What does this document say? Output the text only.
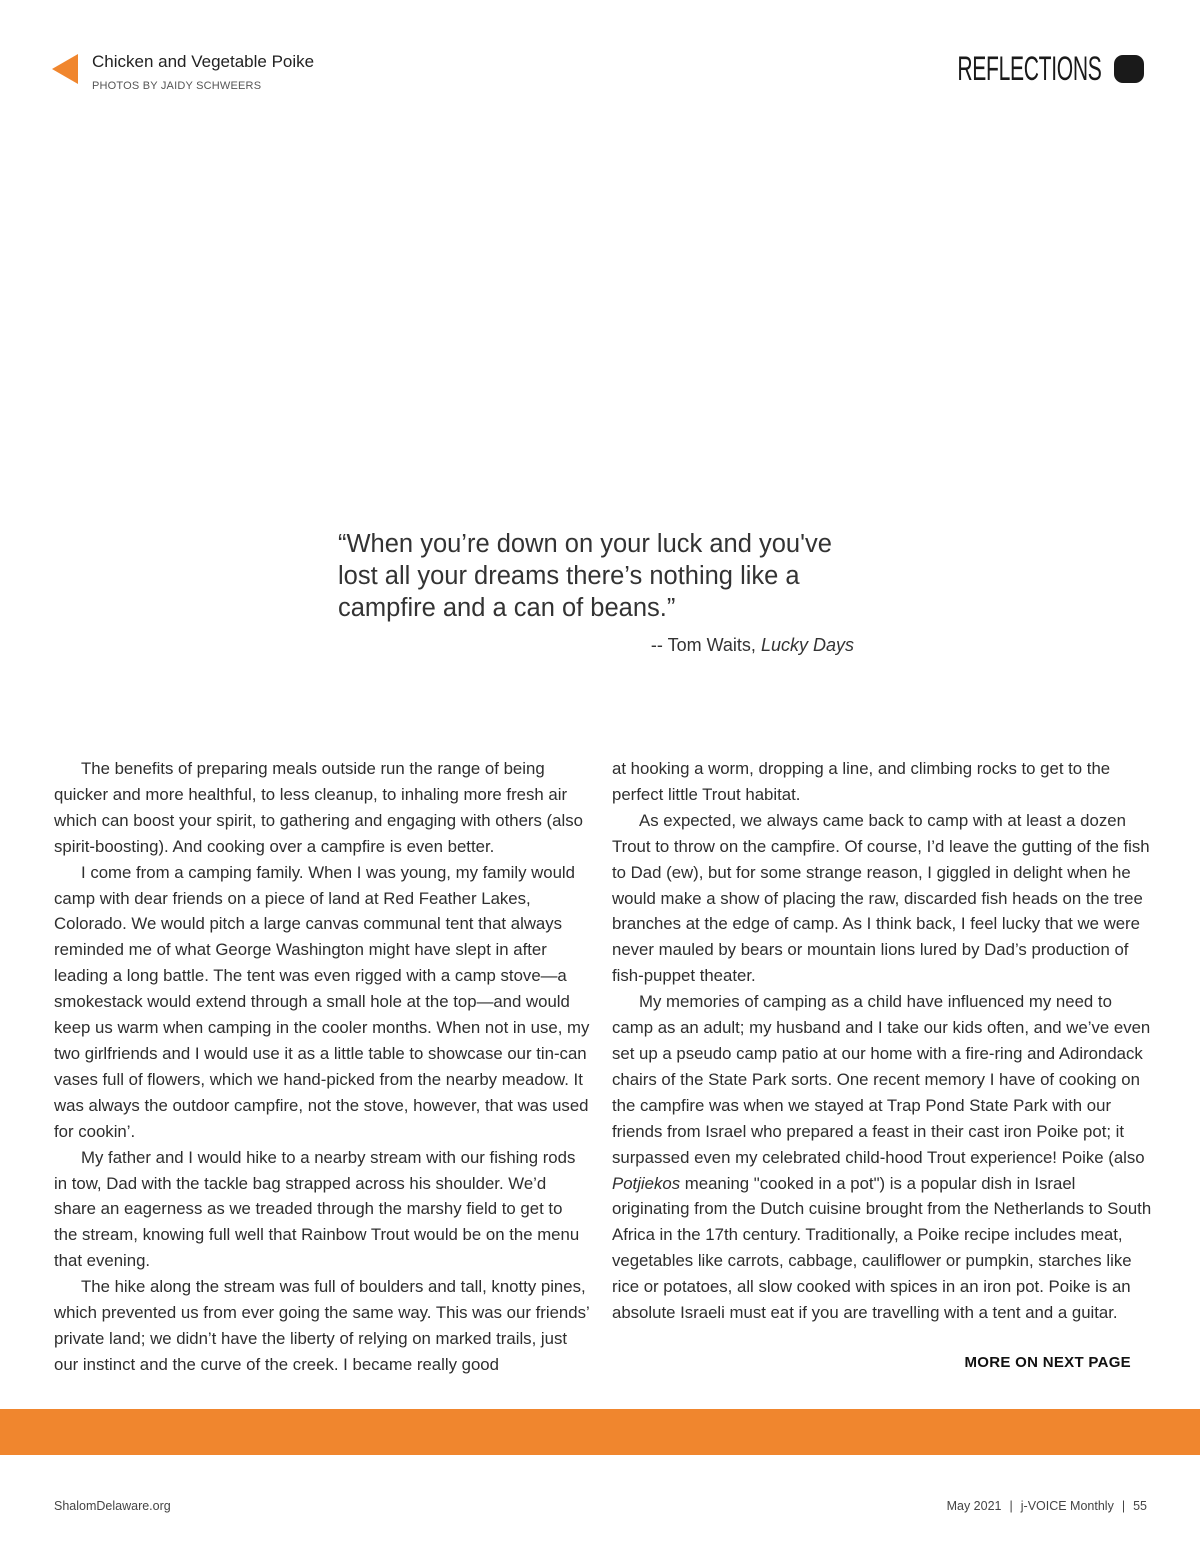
Chicken and Vegetable Poike
PHOTOS BY JAIDY SCHWEERS	REFLECTIONS
“When you’re down on your luck and you've lost all your dreams there’s nothing like a campfire and a can of beans.”
-- Tom Waits, Lucky Days

The benefits of preparing meals outside run the range of being quicker and more healthful, to less cleanup, to inhaling more fresh air which can boost your spirit, to gathering and engaging with others (also spirit-boosting). And cooking over a campfire is even better.

I come from a camping family. When I was young, my family would camp with dear friends on a piece of land at Red Feather Lakes, Colorado. We would pitch a large canvas communal tent that always reminded me of what George Washington might have slept in after leading a long battle. The tent was even rigged with a camp stove—a smokestack would extend through a small hole at the top—and would keep us warm when camping in the cooler months. When not in use, my two girlfriends and I would use it as a little table to showcase our tin-can vases full of flowers, which we hand-picked from the nearby meadow. It was always the outdoor campfire, not the stove, however, that was used for cookin’.

My father and I would hike to a nearby stream with our fishing rods in tow, Dad with the tackle bag strapped across his shoulder. We’d share an eagerness as we treaded through the marshy field to get to the stream, knowing full well that Rainbow Trout would be on the menu that evening.

The hike along the stream was full of boulders and tall, knotty pines, which prevented us from ever going the same way. This was our friends’ private land; we didn’t have the liberty of relying on marked trails, just our instinct and the curve of the creek. I became really good

at hooking a worm, dropping a line, and climbing rocks to get to the perfect little Trout habitat.

As expected, we always came back to camp with at least a dozen Trout to throw on the campfire. Of course, I’d leave the gutting of the fish to Dad (ew), but for some strange reason, I giggled in delight when he would make a show of placing the raw, discarded fish heads on the tree branches at the edge of camp. As I think back, I feel lucky that we were never mauled by bears or mountain lions lured by Dad’s production of fish-puppet theater.

My memories of camping as a child have influenced my need to camp as an adult; my husband and I take our kids often, and we’ve even set up a pseudo camp patio at our home with a fire-ring and Adirondack chairs of the State Park sorts. One recent memory I have of cooking on the campfire was when we stayed at Trap Pond State Park with our friends from Israel who prepared a feast in their cast iron Poike pot; it surpassed even my celebrated child-hood Trout experience! Poike (also Potjiekos meaning "cooked in a pot") is a popular dish in Israel originating from the Dutch cuisine brought from the Netherlands to South Africa in the 17th century. Traditionally, a Poike recipe includes meat, vegetables like carrots, cabbage, cauliflower or pumpkin, starches like rice or potatoes, all slow cooked with spices in an iron pot. Poike is an absolute Israeli must eat if you are travelling with a tent and a guitar.

MORE ON NEXT PAGE
ShalomDelaware.org	May 2021 | j-VOICE Monthly | 55
